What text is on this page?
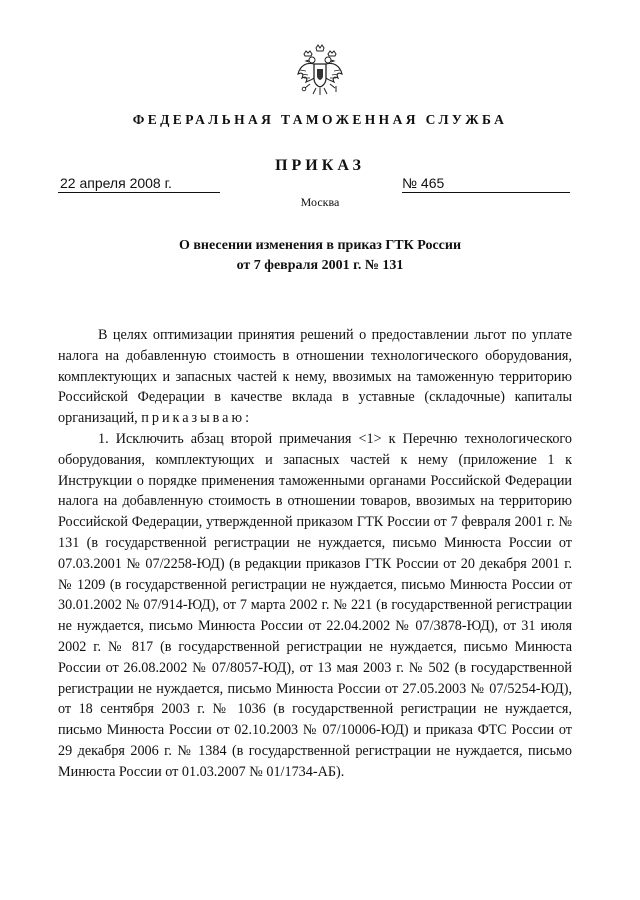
ФЕДЕРАЛЬНАЯ ТАМОЖЕННАЯ СЛУЖБА
ПРИКАЗ
22 апреля 2008 г.	№ 465
Москва
О внесении изменения в приказ ГТК России
от 7 февраля 2001 г. № 131

В целях оптимизации принятия решений о предоставлении льгот по уплате налога на добавленную стоимость в отношении технологического оборудования, комплектующих и запасных частей к нему, ввозимых на таможенную территорию Российской Федерации в качестве вклада в уставные (складочные) капиталы организаций, приказываю:

1. Исключить абзац второй примечания <1> к Перечню технологического оборудования, комплектующих и запасных частей к нему (приложение 1 к Инструкции о порядке применения таможенными органами Российской Федерации налога на добавленную стоимость в отношении товаров, ввозимых на территорию Российской Федерации, утвержденной приказом ГТК России от 7 февраля 2001 г. № 131 (в государственной регистрации не нуждается, письмо Минюста России от 07.03.2001 № 07/2258-ЮД) (в редакции приказов ГТК России от 20 декабря 2001 г. № 1209 (в государственной регистрации не нуждается, письмо Минюста России от 30.01.2002 № 07/914-ЮД), от 7 марта 2002 г. № 221 (в государственной регистрации не нуждается, письмо Минюста России от 22.04.2002 № 07/3878-ЮД), от 31 июля 2002 г. № 817 (в государственной регистрации не нуждается, письмо Минюста России от 26.08.2002 № 07/8057-ЮД), от 13 мая 2003 г. № 502 (в государственной регистрации не нуждается, письмо Минюста России от 27.05.2003 № 07/5254-ЮД), от 18 сентября 2003 г. № 1036 (в государственной регистрации не нуждается, письмо Минюста России от 02.10.2003 № 07/10006-ЮД) и приказа ФТС России от 29 декабря 2006 г. № 1384 (в государственной регистрации не нуждается, письмо Минюста России от 01.03.2007 № 01/1734-АБ).
